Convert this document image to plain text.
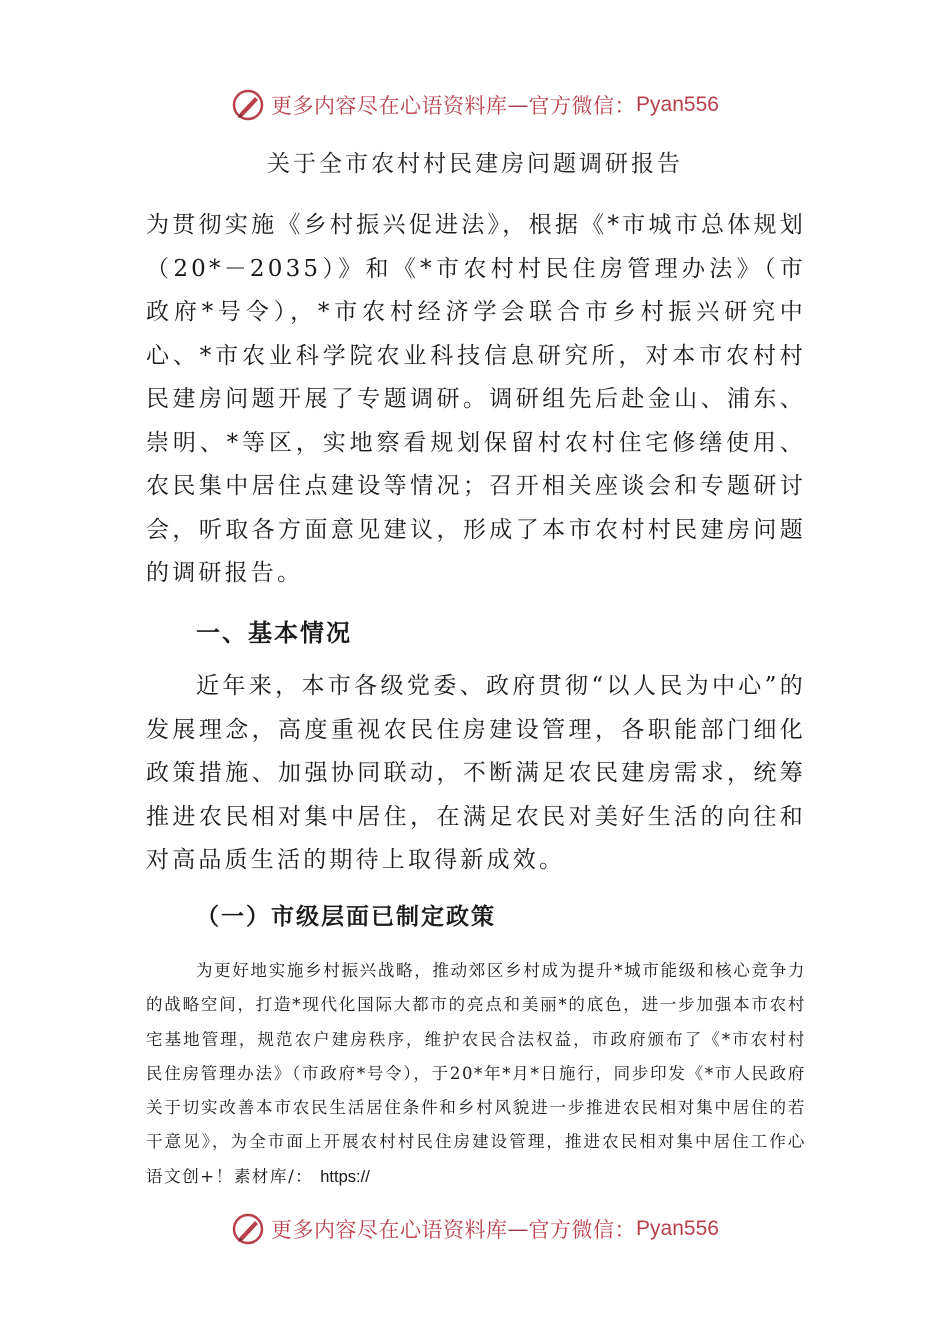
更多内容尽在心语资料库 — 官方微信： Pyan556
关于全市农村村民建房问题调研报告

为贯彻实施《乡村振兴促进法》，根据《*市城市总体规划（20*－2035）》和《*市农村村民住房管理办法》（市政府*号令），*市农村经济学会联合市乡村振兴研究中心、*市农业科学院农业科技信息研究所，对本市农村村民建房问题开展了专题调研。调研组先后赴金山、浦东、崇明、*等区，实地察看规划保留村农村住宅修缮使用、农民集中居住点建设等情况；召开相关座谈会和专题研讨会，听取各方面意见建议，形成了本市农村村民建房问题的调研报告。

一、基本情况

近年来，本市各级党委、政府贯彻“以人民为中心”的发展理念，高度重视农民住房建设管理，各职能部门细化政策措施、加强协同联动，不断满足农民建房需求，统筹推进农民相对集中居住，在满足农民对美好生活的向往和对高品质生活的期待上取得新成效。

（一）市级层面已制定政策

为更好地实施乡村振兴战略，推动郊区乡村成为提升*城市能级和核心竞争力的战略空间，打造*现代化国际大都市的亮点和美丽*的底色，进一步加强本市农村宅基地管理，规范农户建房秩序，维护农民合法权益，市政府颁布了《*市农村村民住房管理办法》（市政府*号令），于20*年*月*日施行，同步印发《*市人民政府关于切实改善本市农民生活居住条件和乡村风貌进一步推进农民相对集中居住的若干意见》，为全市面上开展农村村民住房建设管理，推进农民相对集中居住工作心语文创+！素材库/： https://

更多内容尽在心语资料库 — 官方微信： Pyan556
